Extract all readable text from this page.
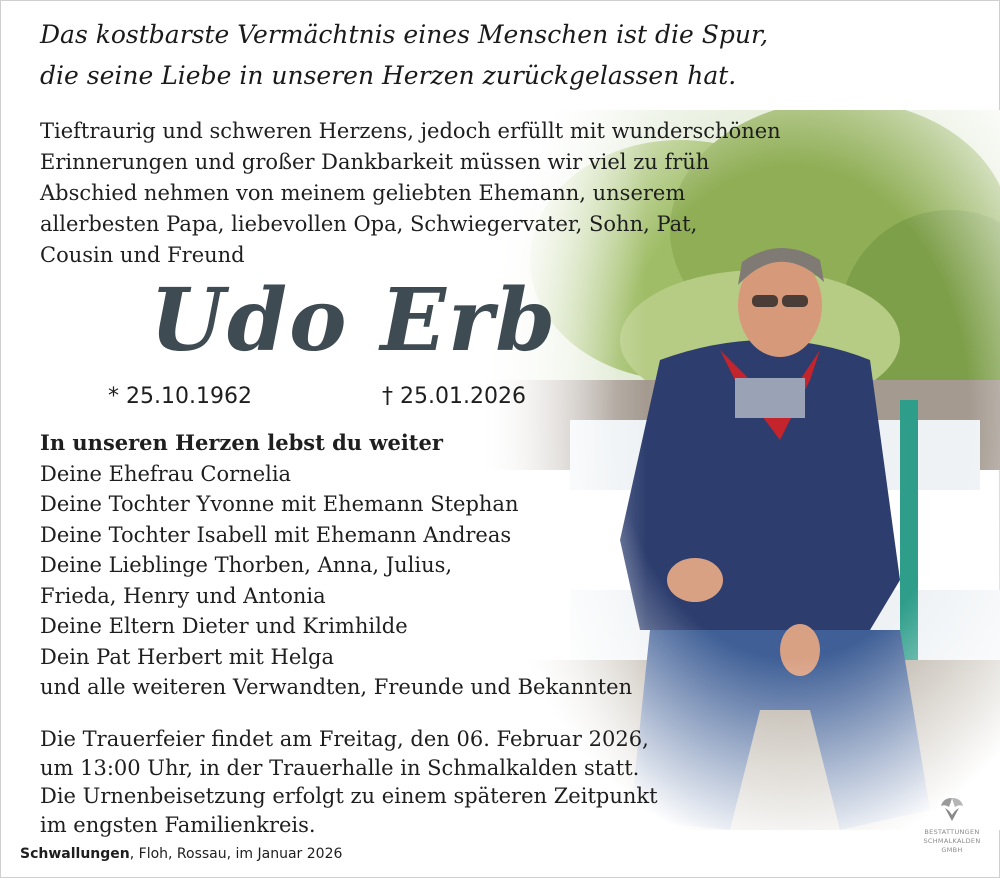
Das kostbarste Vermächtnis eines Menschen ist die Spur,
die seine Liebe in unseren Herzen zurückgelassen hat.
Tieftraurig und schweren Herzens, jedoch erfüllt mit wunderschönen
Erinnerungen und großer Dankbarkeit müssen wir viel zu früh
Abschied nehmen von meinem geliebten Ehemann, unserem
allerbesten Papa, liebevollen Opa, Schwiegervater, Sohn, Pat,
Cousin und Freund
Udo Erb
* 25.10.1962	† 25.01.2026
In unseren Herzen lebst du weiter
Deine Ehefrau Cornelia
Deine Tochter Yvonne mit Ehemann Stephan
Deine Tochter Isabell mit Ehemann Andreas
Deine Lieblinge Thorben, Anna, Julius,
Frieda, Henry und Antonia
Deine Eltern Dieter und Krimhilde
Dein Pat Herbert mit Helga
und alle weiteren Verwandten, Freunde und Bekannten
Die Trauerfeier findet am Freitag, den 06. Februar 2026,
um 13:00 Uhr, in der Trauerhalle in Schmalkalden statt.
Die Urnenbeisetzung erfolgt zu einem späteren Zeitpunkt
im engsten Familienkreis.
Schwallungen, Floh, Rossau, im Januar 2026
BESTATTUNGEN
SCHMALKALDEN
GMBH
